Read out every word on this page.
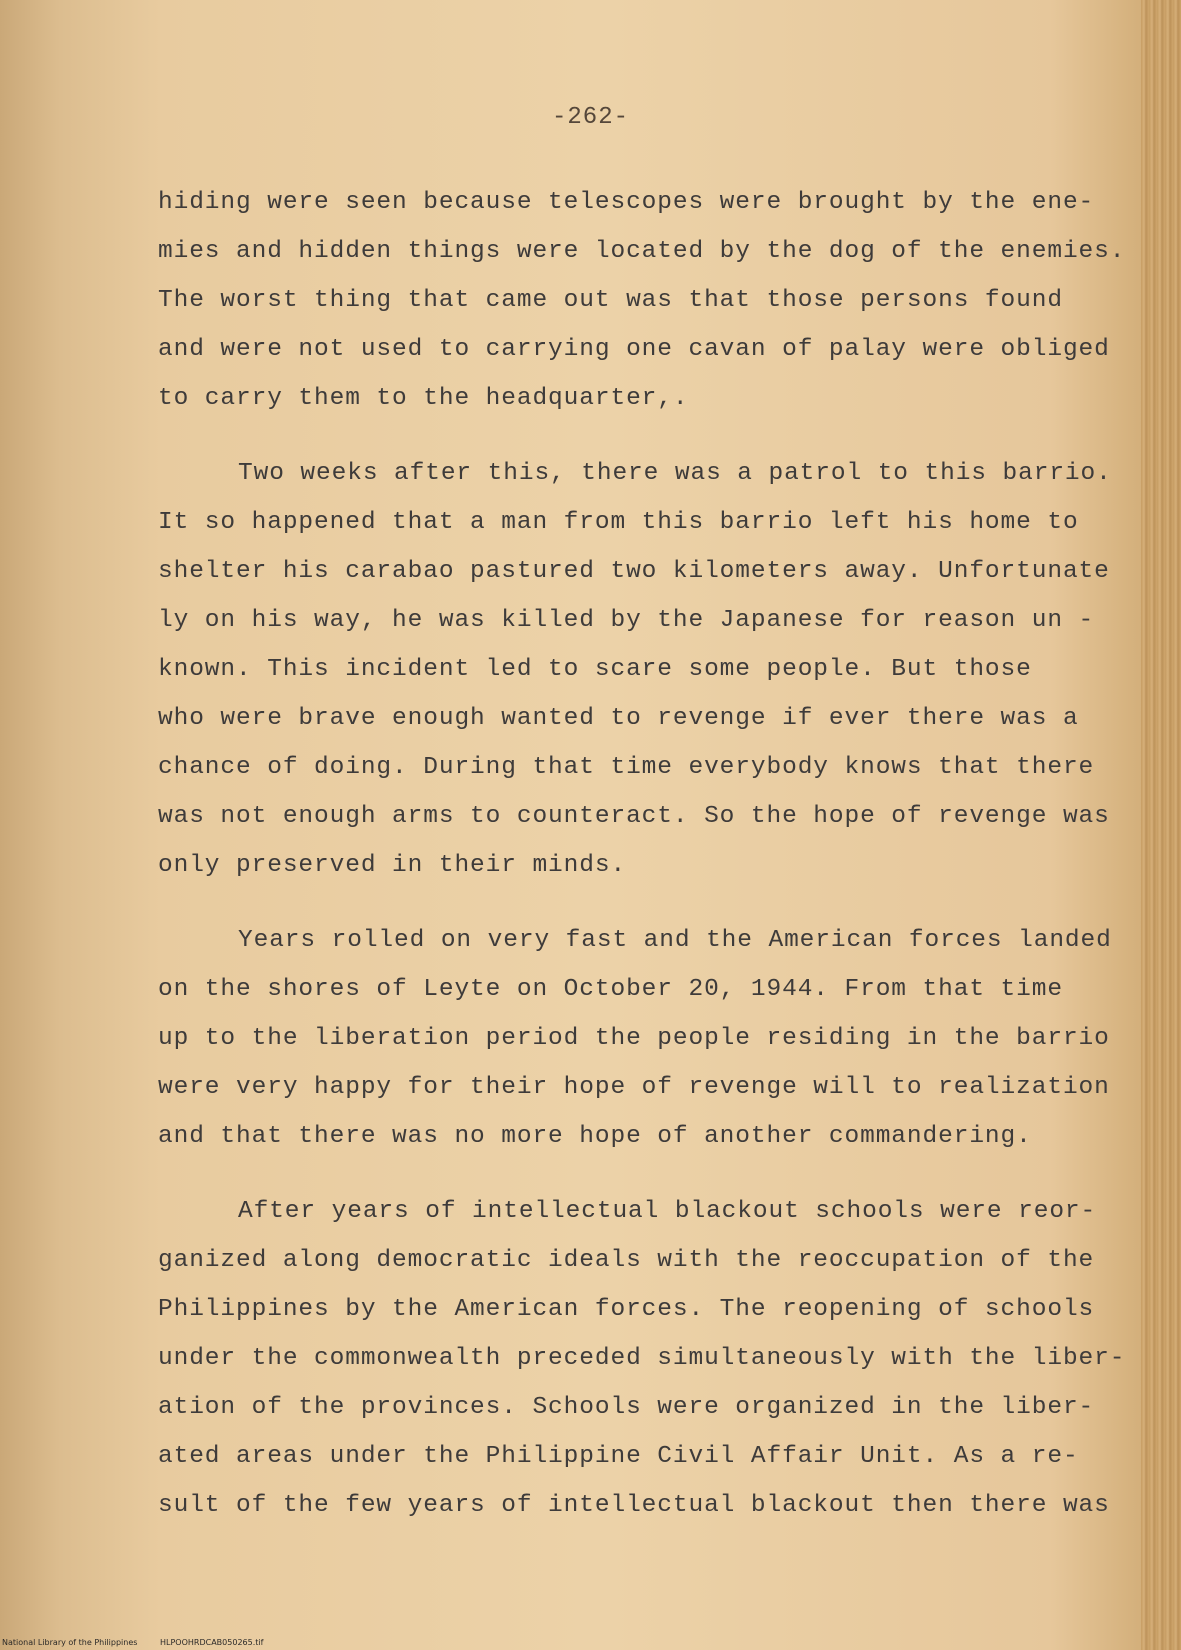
-262-
hiding were seen because telescopes were brought by the ene-
mies and hidden things were located by the dog of the enemies.
The worst thing that came out was that those persons found
and were not used to carrying one cavan of palay were obliged
to carry them to the headquarter,.
Two weeks after this, there was a patrol to this barrio.
It so happened that a man from this barrio left his home to
shelter his carabao pastured two kilometers away. Unfortunate
ly on his way, he was killed by the Japanese for reason un -
known. This incident led to scare some people. But those
who were brave enough wanted to revenge if ever there was a
chance of doing. During that time everybody knows that there
was not enough arms to counteract. So the hope of revenge was
only preserved in their minds.
Years rolled on very fast and the American forces landed
on the shores of Leyte on October 20, 1944. From that time
up to the liberation period the people residing in the barrio
were very happy for their hope of revenge will to realization
and that there was no more hope of another commandering.
After years of intellectual blackout schools were reor-
ganized along democratic ideals with the reoccupation of the
Philippines by the American forces. The reopening of schools
under the commonwealth preceded simultaneously with the liber-
ation of the provinces. Schools were organized in the liber-
ated areas under the Philippine Civil Affair Unit. As a re-
sult of the few years of intellectual blackout then there was
National Library of the Philippines	HLPOOHRDCAB050265.tif
